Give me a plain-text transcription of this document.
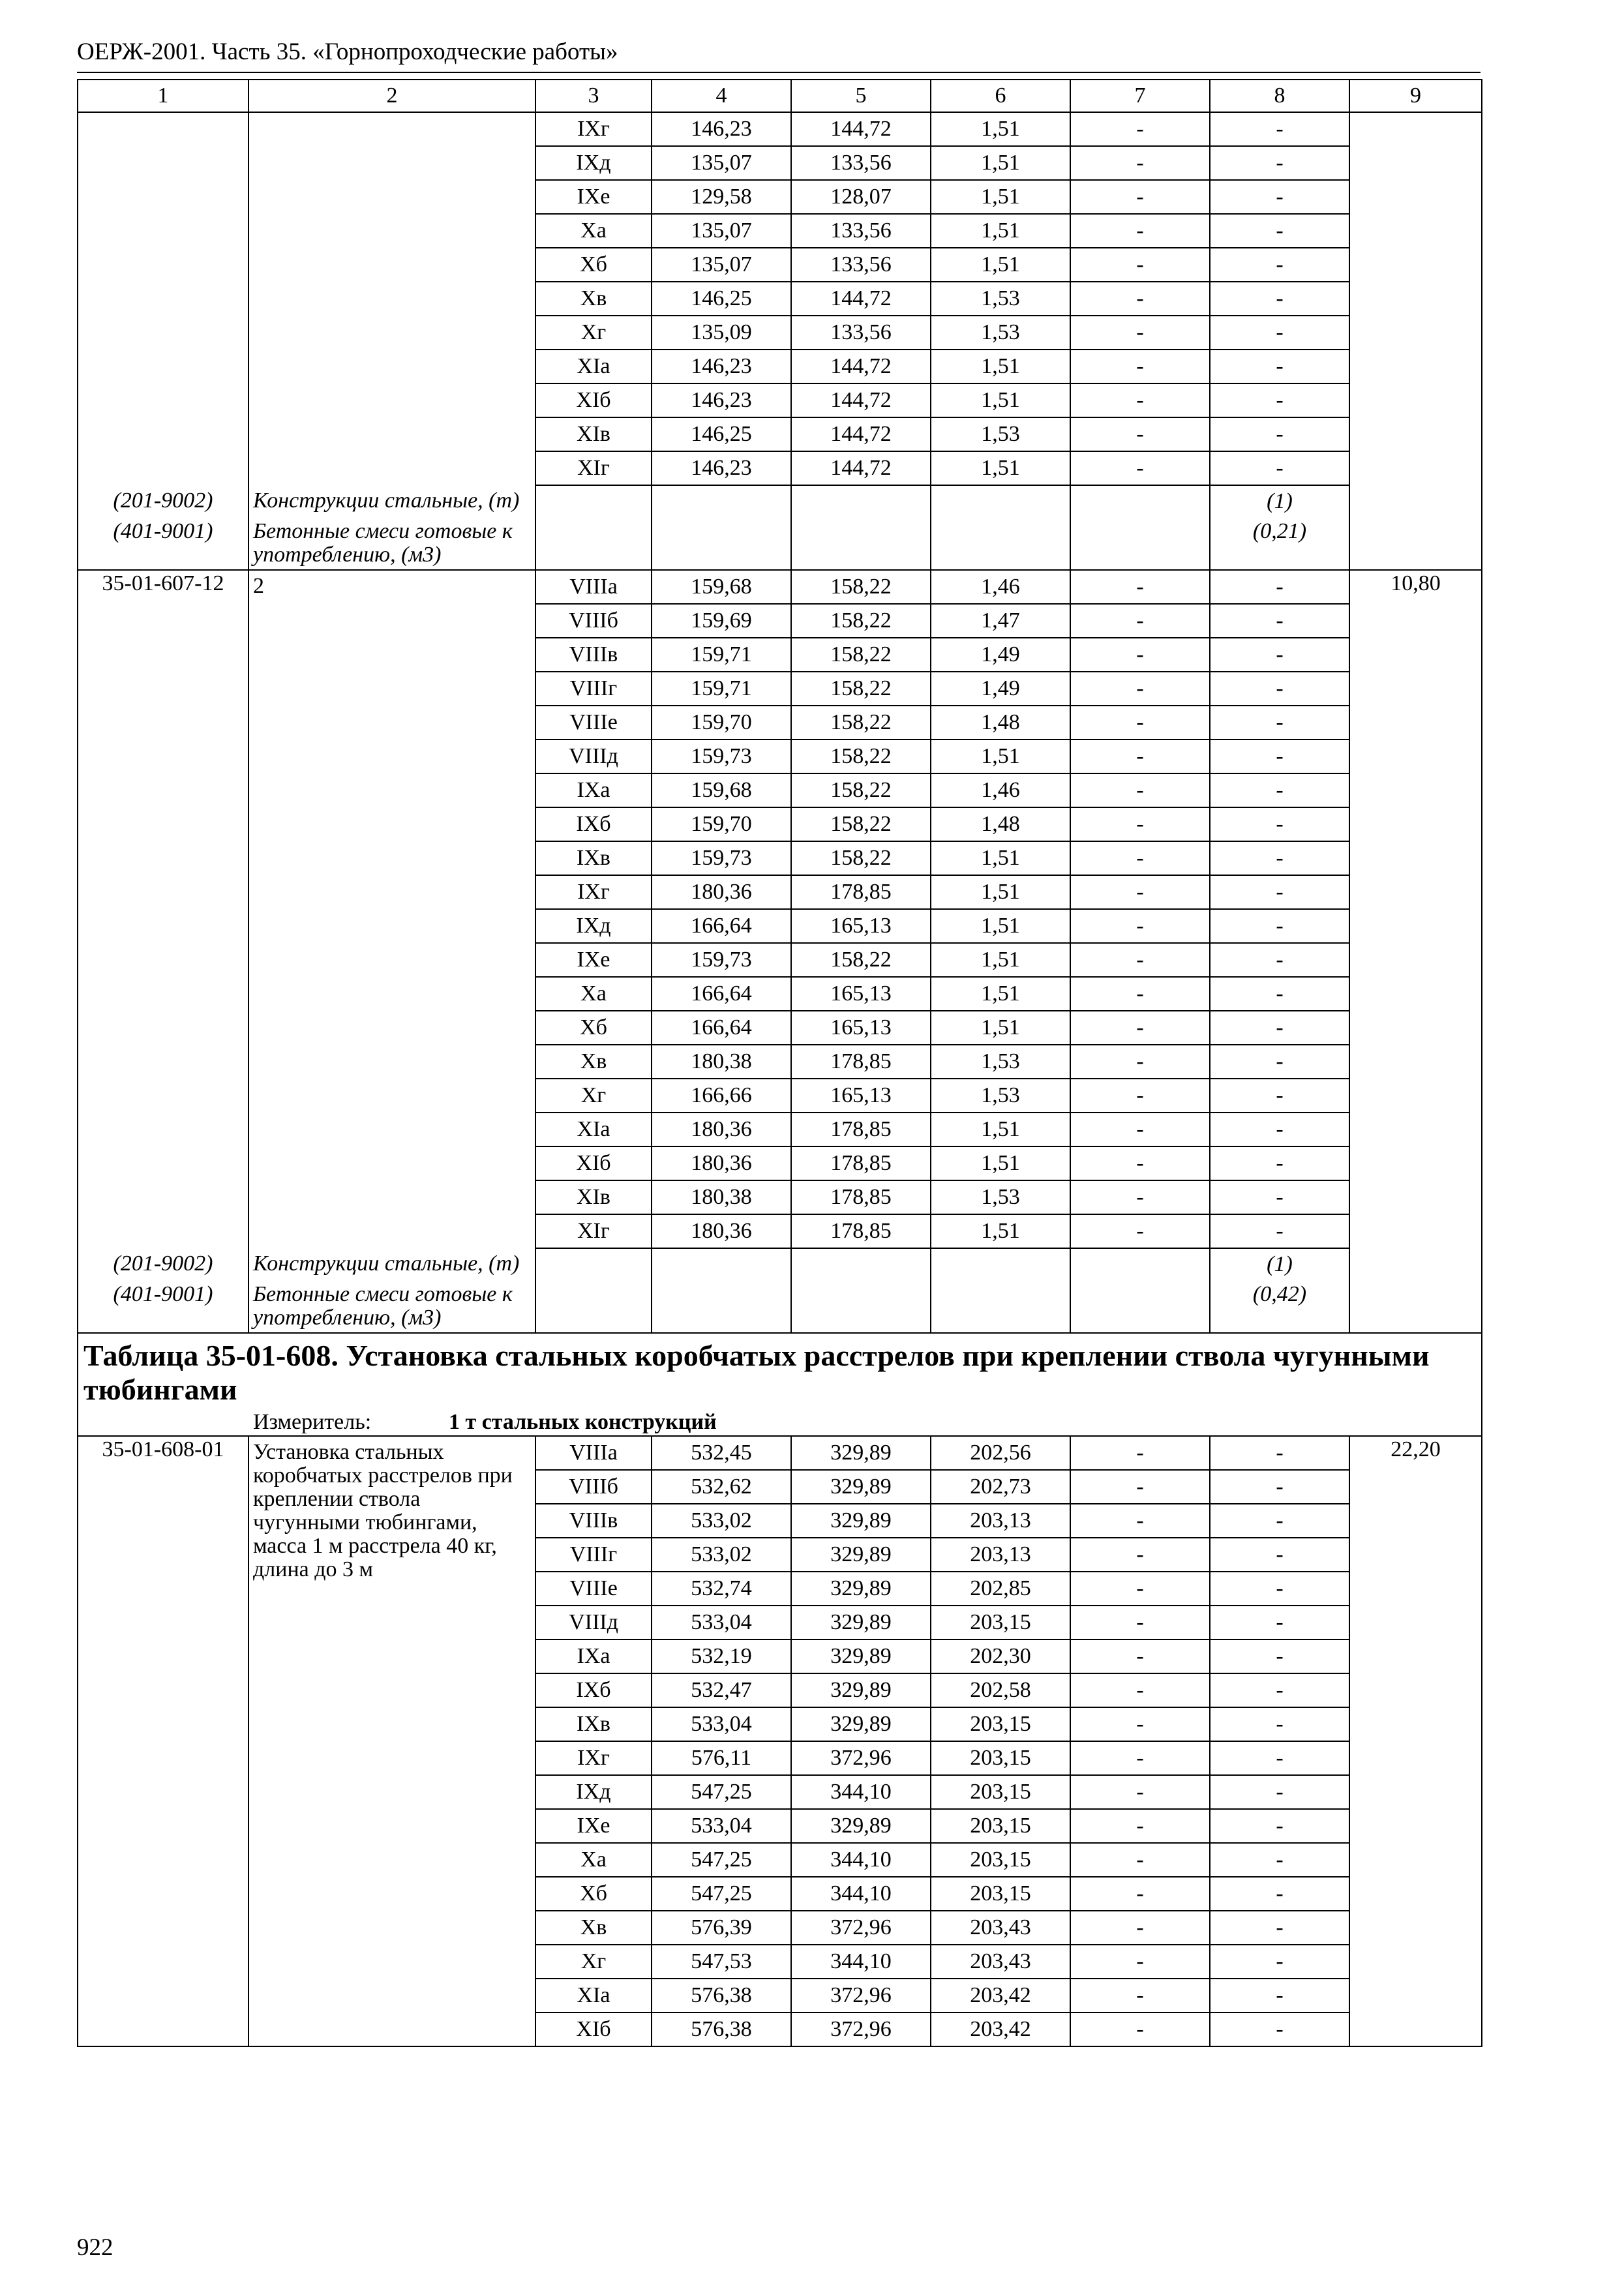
ОЕРЖ-2001. Часть 35. «Горнопроходческие работы»
1	2	3	4	5	6	7	8	9
		IXг	146,23	144,72	1,51	-	-	
		IXд	135,07	133,56	1,51	-	-	
		IXе	129,58	128,07	1,51	-	-	
		Xа	135,07	133,56	1,51	-	-	
		Xб	135,07	133,56	1,51	-	-	
		Xв	146,25	144,72	1,53	-	-	
		Xг	135,09	133,56	1,53	-	-	
		XIа	146,23	144,72	1,51	-	-	
		XIб	146,23	144,72	1,51	-	-	
		XIв	146,25	144,72	1,53	-	-	
		XIг	146,23	144,72	1,51	-	-	
(201-9002)	Конструкции стальные, (т)						(1)	
(401-9001)	Бетонные смеси готовые к употреблению, (м3)						(0,21)	
35-01-607-12	2	VIIIа	159,68	158,22	1,46	-	-	10,80
		VIIIб	159,69	158,22	1,47	-	-	
		VIIIв	159,71	158,22	1,49	-	-	
		VIIIг	159,71	158,22	1,49	-	-	
		VIIIе	159,70	158,22	1,48	-	-	
		VIIIд	159,73	158,22	1,51	-	-	
		IXа	159,68	158,22	1,46	-	-	
		IXб	159,70	158,22	1,48	-	-	
		IXв	159,73	158,22	1,51	-	-	
		IXг	180,36	178,85	1,51	-	-	
		IXд	166,64	165,13	1,51	-	-	
		IXе	159,73	158,22	1,51	-	-	
		Xа	166,64	165,13	1,51	-	-	
		Xб	166,64	165,13	1,51	-	-	
		Xв	180,38	178,85	1,53	-	-	
		Xг	166,66	165,13	1,53	-	-	
		XIа	180,36	178,85	1,51	-	-	
		XIб	180,36	178,85	1,51	-	-	
		XIв	180,38	178,85	1,53	-	-	
		XIг	180,36	178,85	1,51	-	-	
(201-9002)	Конструкции стальные, (т)						(1)	
(401-9001)	Бетонные смеси готовые к употреблению, (м3)						(0,42)	
Таблица 35-01-608. Установка стальных коробчатых расстрелов при креплении ствола чугунными тюбингами								
Измеритель: 1 т стальных конструкций								
35-01-608-01	Установка стальных коробчатых расстрелов при креплении ствола чугунными тюбингами, масса 1 м расстрела 40 кг, длина до 3 м	VIIIа	532,45	329,89	202,56	-	-	22,20
		VIIIб	532,62	329,89	202,73	-	-	
		VIIIв	533,02	329,89	203,13	-	-	
		VIIIг	533,02	329,89	203,13	-	-	
		VIIIе	532,74	329,89	202,85	-	-	
		VIIIд	533,04	329,89	203,15	-	-	
		IXа	532,19	329,89	202,30	-	-	
		IXб	532,47	329,89	202,58	-	-	
		IXв	533,04	329,89	203,15	-	-	
		IXг	576,11	372,96	203,15	-	-	
		IXд	547,25	344,10	203,15	-	-	
		IXе	533,04	329,89	203,15	-	-	
		Xа	547,25	344,10	203,15	-	-	
		Xб	547,25	344,10	203,15	-	-	
		Xв	576,39	372,96	203,43	-	-	
		Xг	547,53	344,10	203,43	-	-	
		XIа	576,38	372,96	203,42	-	-	
		XIб	576,38	372,96	203,42	-	-	
922
